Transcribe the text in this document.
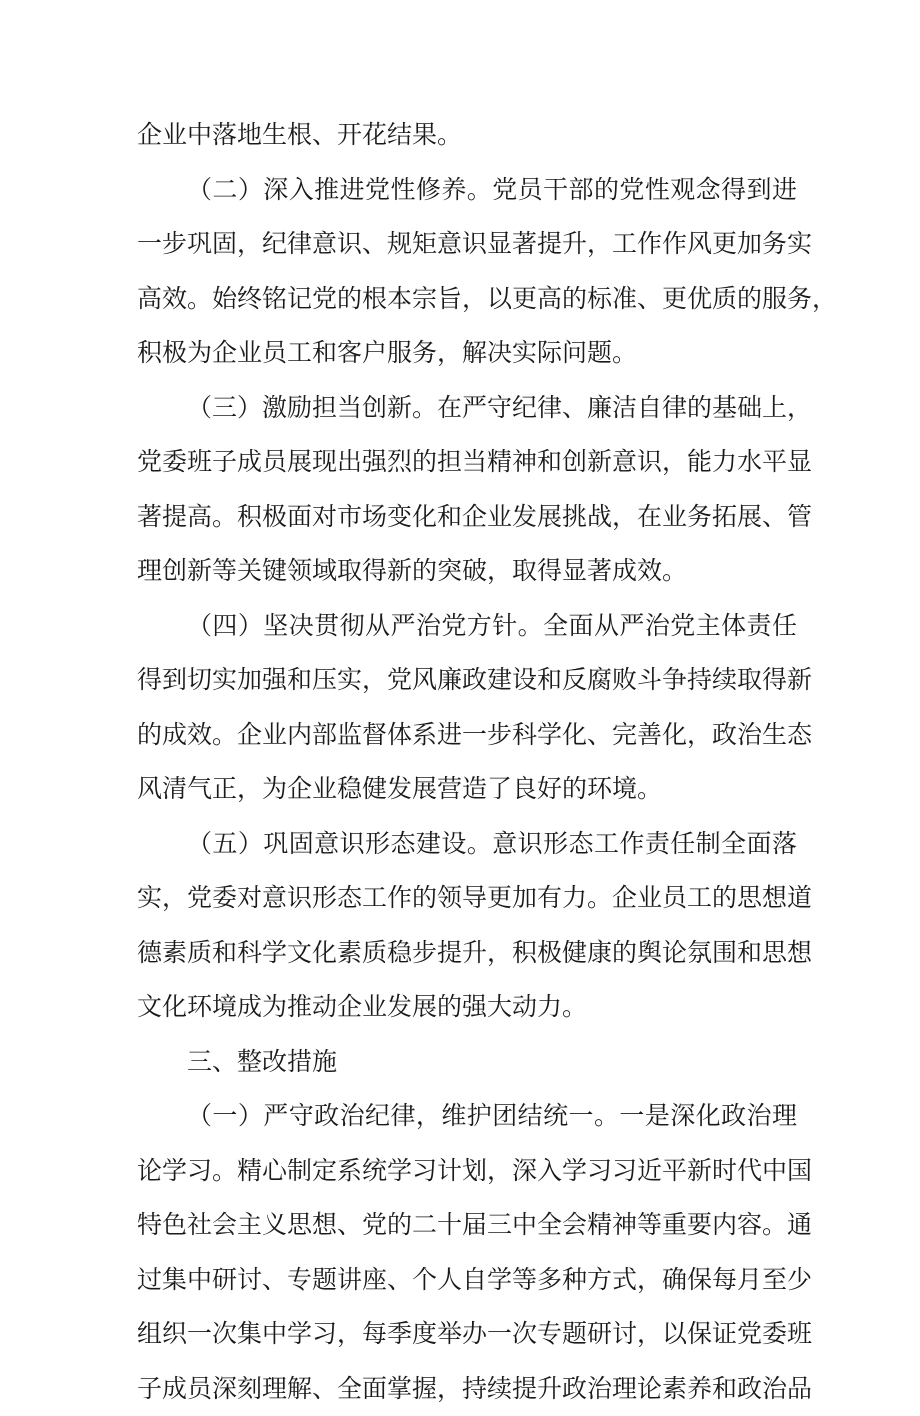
企业中落地生根、开花结果。
（二）深入推进党性修养。党员干部的党性观念得到进
一步巩固，纪律意识、规矩意识显著提升，工作作风更加务实
高效。始终铭记党的根本宗旨，以更高的标准、更优质的服务，
积极为企业员工和客户服务，解决实际问题。
（三）激励担当创新。在严守纪律、廉洁自律的基础上，
党委班子成员展现出强烈的担当精神和创新意识，能力水平显
著提高。积极面对市场变化和企业发展挑战，在业务拓展、管
理创新等关键领域取得新的突破，取得显著成效。
（四）坚决贯彻从严治党方针。全面从严治党主体责任
得到切实加强和压实，党风廉政建设和反腐败斗争持续取得新
的成效。企业内部监督体系进一步科学化、完善化，政治生态
风清气正，为企业稳健发展营造了良好的环境。
（五）巩固意识形态建设。意识形态工作责任制全面落
实，党委对意识形态工作的领导更加有力。企业员工的思想道
德素质和科学文化素质稳步提升，积极健康的舆论氛围和思想
文化环境成为推动企业发展的强大动力。
三、整改措施
（一）严守政治纪律，维护团结统一。一是深化政治理
论学习。精心制定系统学习计划，深入学习习近平新时代中国
特色社会主义思想、党的二十届三中全会精神等重要内容。通
过集中研讨、专题讲座、个人自学等多种方式，确保每月至少
组织一次集中学习，每季度举办一次专题研讨，以保证党委班
子成员深刻理解、全面掌握，持续提升政治理论素养和政治品
